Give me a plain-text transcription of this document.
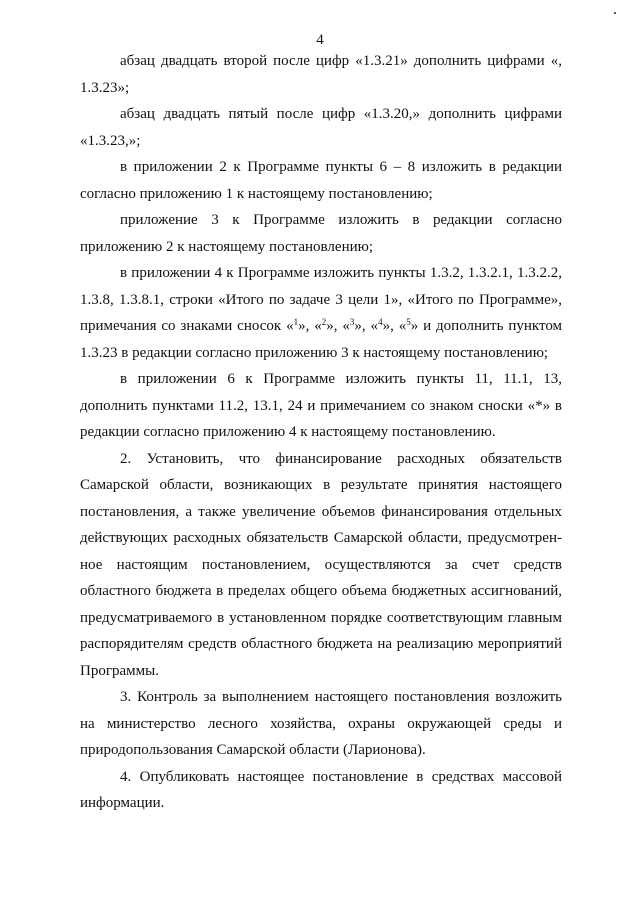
4

абзац двадцать второй после цифр «1.3.21» дополнить цифрами «, 1.3.23»;

абзац двадцать пятый после цифр «1.3.20,» дополнить цифрами «1.3.23,»;

в приложении 2 к Программе пункты 6 – 8 изложить в редакции согласно приложению 1 к настоящему постановлению;

приложение 3 к Программе изложить в редакции согласно приложению 2 к настоящему постановлению;

в приложении 4 к Программе изложить пункты 1.3.2, 1.3.2.1, 1.3.2.2, 1.3.8, 1.3.8.1, строки «Итого по задаче 3 цели 1», «Итого по Программе», примечания со знаками сносок «$^1$», «$^2$», «$^3$», «$^4$», «$^5$» и дополнить пунктом 1.3.23 в редакции согласно приложению 3 к настоящему постановлению;

в приложении 6 к Программе изложить пункты 11, 11.1, 13, дополнить пунктами 11.2, 13.1, 24 и примечанием со знаком сноски «*» в редакции согласно приложению 4 к настоящему постановлению.

2. Установить, что финансирование расходных обязательств Самарской области, возникающих в результате принятия настоящего постановления, а также увеличение объемов финансирования отдельных действующих расходных обязательств Самарской области, предусмотрен-ное настоящим постановлением, осуществляются за счет средств областного бюджета в пределах общего объема бюджетных ассигнований, предусматриваемого в установленном порядке соответствующим главным распорядителям средств областного бюджета на реализацию мероприятий Программы.

3. Контроль за выполнением настоящего постановления возложить на министерство лесного хозяйства, охраны окружающей среды и природопользования Самарской области (Ларионова).

4. Опубликовать настоящее постановление в средствах массовой информации.
